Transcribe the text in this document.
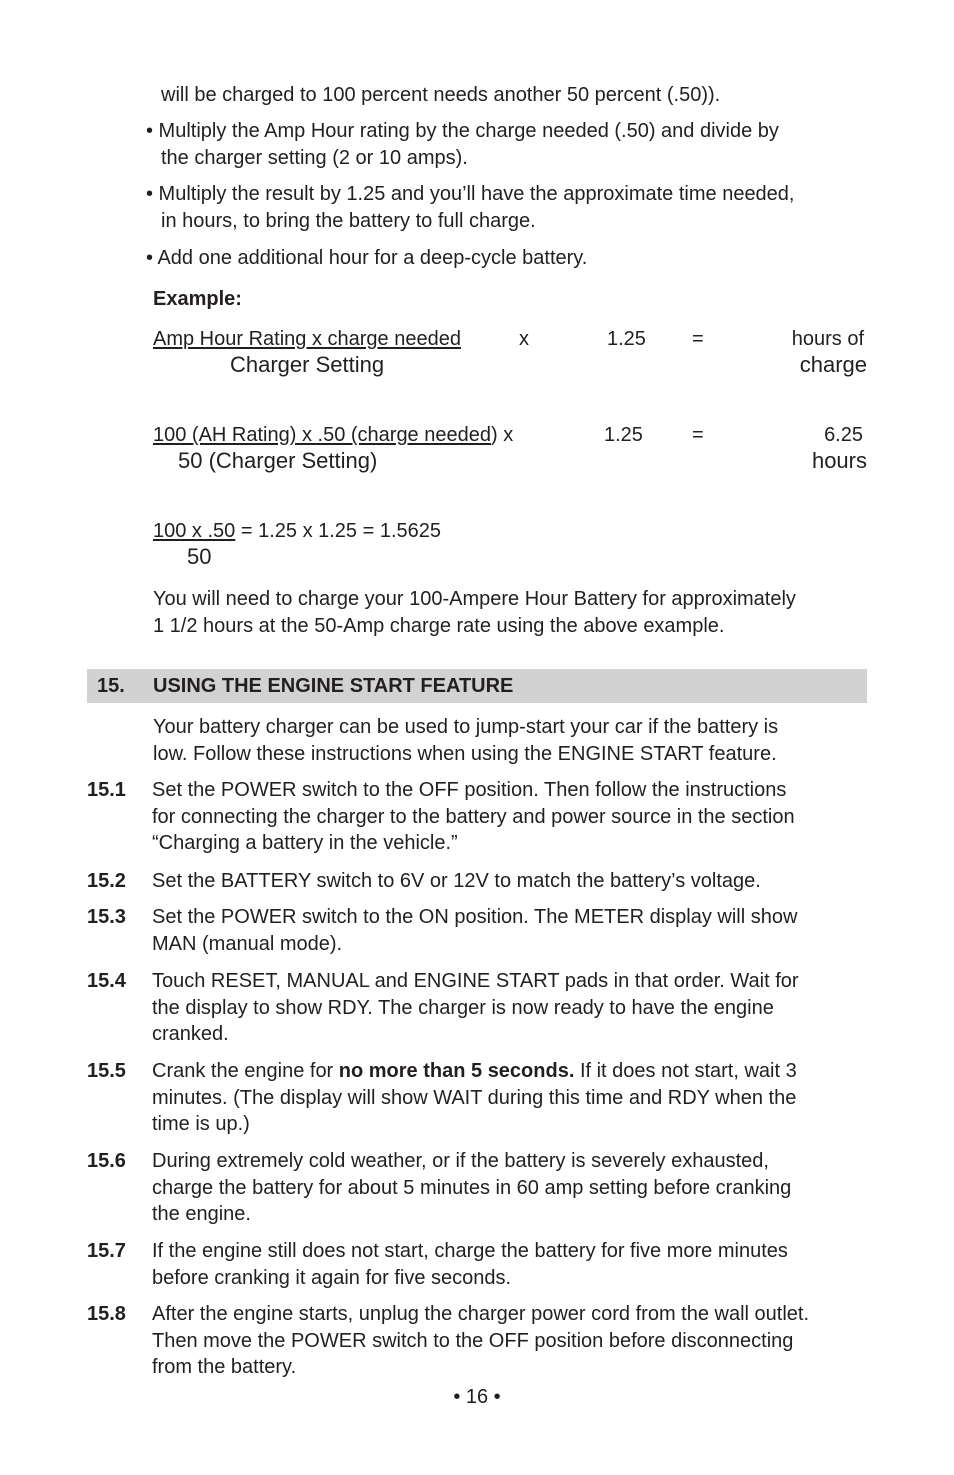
will be charged to 100 percent needs another 50 percent (.50)).
• Multiply the Amp Hour rating by the charge needed (.50) and divide by
the charger setting (2 or 10 amps).
• Multiply the result by 1.25 and you’ll have the approximate time needed,
in hours, to bring the battery to full charge.
• Add one additional hour for a deep-cycle battery.
Example:
Amp Hour Rating x charge needed	x	1.25 =	hours of
Charger Setting	charge
100 (AH Rating) x .50 (charge needed) x	1.25 =	6.25
50 (Charger Setting)	hours
100 x .50 = 1.25 x 1.25 = 1.5625
50
You will need to charge your 100-Ampere Hour Battery for approximately
1 1/2 hours at the 50-Amp charge rate using the above example.
15. USING THE ENGINE START FEATURE
Your battery charger can be used to jump-start your car if the battery is
low. Follow these instructions when using the ENGINE START feature.
15.1 Set the POWER switch to the OFF position. Then follow the instructions
for connecting the charger to the battery and power source in the section
“Charging a battery in the vehicle.”
15.2 Set the BATTERY switch to 6V or 12V to match the battery’s voltage.
15.3 Set the POWER switch to the ON position. The METER display will show
MAN (manual mode).
15.4 Touch RESET, MANUAL and ENGINE START pads in that order. Wait for
the display to show RDY. The charger is now ready to have the engine
cranked.
15.5 Crank the engine for no more than 5 seconds. If it does not start, wait 3
minutes. (The display will show WAIT during this time and RDY when the
time is up.)
15.6 During extremely cold weather, or if the battery is severely exhausted,
charge the battery for about 5 minutes in 60 amp setting before cranking
the engine.
15.7 If the engine still does not start, charge the battery for five more minutes
before cranking it again for five seconds.
15.8 After the engine starts, unplug the charger power cord from the wall outlet.
Then move the POWER switch to the OFF position before disconnecting
from the battery.
• 16 •
